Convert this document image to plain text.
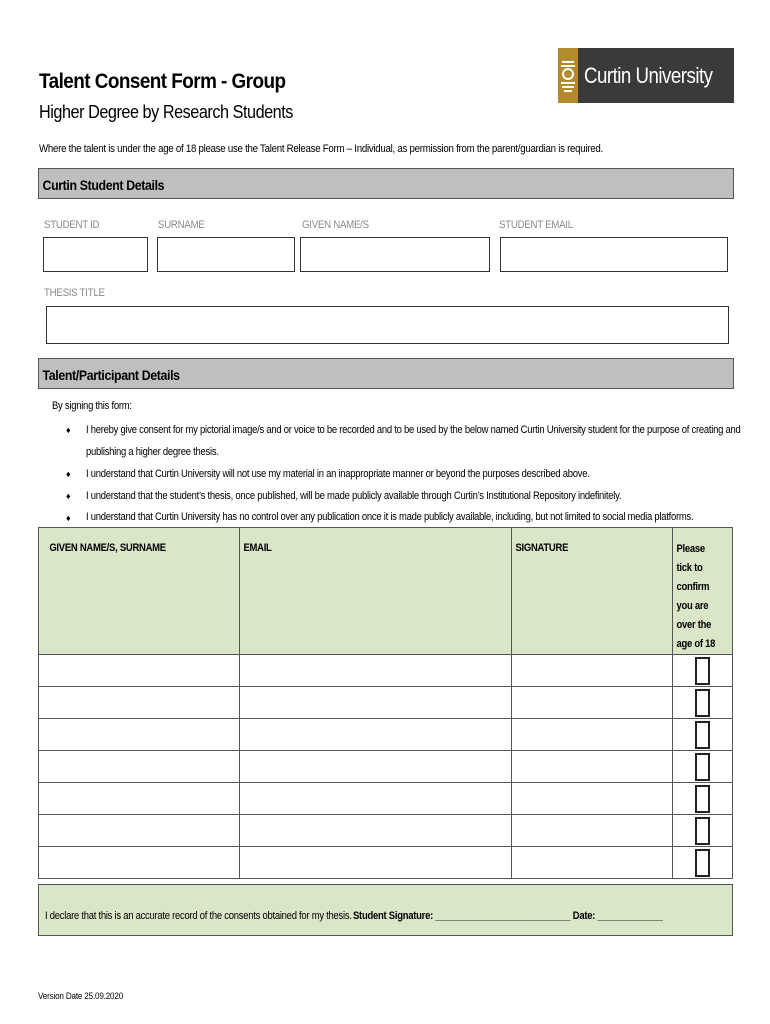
Talent Consent Form - Group
Higher Degree by Research Students
Curtin University
Where the talent is under the age of 18 please use the Talent Release Form – Individual, as permission from the parent/guardian is required.
Curtin Student Details
STUDENT ID	SURNAME	GIVEN NAME/S	STUDENT EMAIL
THESIS TITLE
Talent/Participant Details
By signing this form:
♦ I hereby give consent for my pictorial image/s and or voice to be recorded and to be used by the below named Curtin University student for the purpose of creating and
publishing a higher degree thesis.
♦ I understand that Curtin University will not use my material in an inappropriate manner or beyond the purposes described above.
♦ I understand that the student’s thesis, once published, will be made publicly available through Curtin’s Institutional Repository indefinitely.
♦ I understand that Curtin University has no control over any publication once it is made publicly available, including, but not limited to social media platforms.
GIVEN NAME/S, SURNAME	EMAIL	SIGNATURE	Please tick to confirm you are over the age of 18

I declare that this is an accurate record of the consents obtained for my thesis. Student Signature: ___________________________ Date: _____________
Version Date 25.09.2020
